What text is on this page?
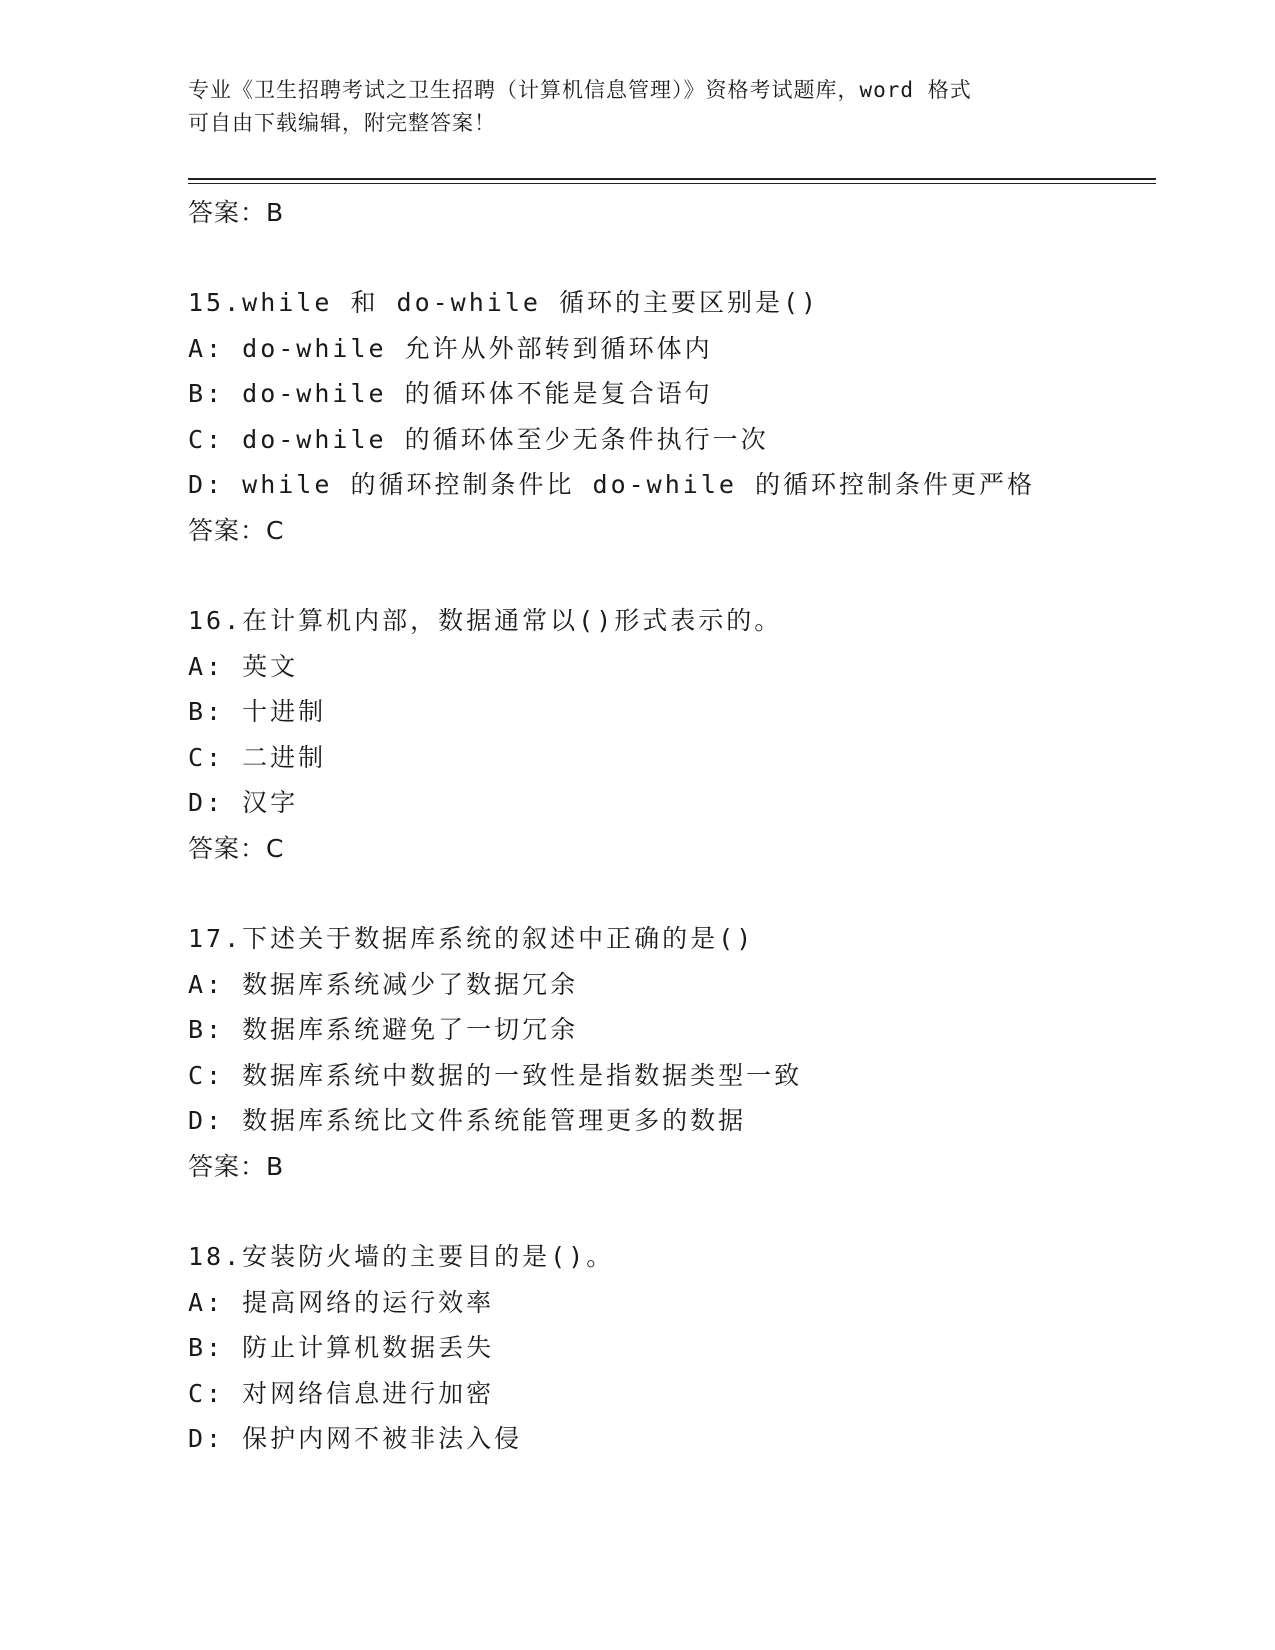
专业《卫生招聘考试之卫生招聘（计算机信息管理）》资格考试题库，word 格式
可自由下载编辑，附完整答案！
答案：B
15.while 和 do-while 循环的主要区别是()
A: do-while 允许从外部转到循环体内
B: do-while 的循环体不能是复合语句
C: do-while 的循环体至少无条件执行一次
D: while 的循环控制条件比 do-while 的循环控制条件更严格
答案：C
16.在计算机内部，数据通常以()形式表示的。
A: 英文
B: 十进制
C: 二进制
D: 汉字
答案：C
17.下述关于数据库系统的叙述中正确的是()
A: 数据库系统减少了数据冗余
B: 数据库系统避免了一切冗余
C: 数据库系统中数据的一致性是指数据类型一致
D: 数据库系统比文件系统能管理更多的数据
答案：B
18.安装防火墙的主要目的是()。
A: 提高网络的运行效率
B: 防止计算机数据丢失
C: 对网络信息进行加密
D: 保护内网不被非法入侵
